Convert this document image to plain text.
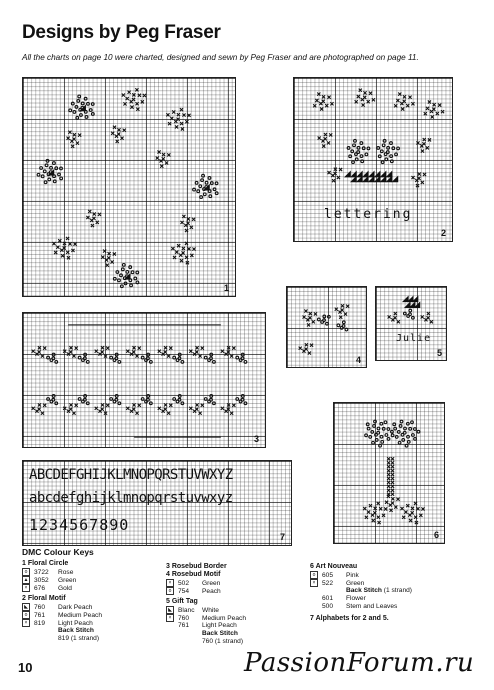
Designs by Peg Fraser
All the charts on page 10 were charted, designed and sewn by Peg Fraser and are photographed on page 11.
1
lettering
2
3
4
Julie
5
6
ABCDEFGHIJKLMNOPQRSTUVWXYZ
abcdefghijklmnopqrstuvwxyz
1234567890
7
DMC Colour Keys
1 Floral Circle
o 3722 Rose
▲ 3052 Green
× 676 Gold
2 Floral Motif
◣ 760 Dark Peach
o 761 Medium Peach
× 819 Light Peach
Back Stitch
819 (1 strand)
3 Rosebud Border
4 Rosebud Motif
× 502 Green
o 754 Peach
5 Gift Tag
◣ Blanc White
× 760 Medium Peach
761 Light Peach
Back Stitch
760 (1 strand)
6 Art Nouveau
o 605 Pink
× 522 Green
Back Stitch (1 strand)
601 Flower
500 Stem and Leaves
7 Alphabets for 2 and 5.
10	PassionForum.ru
